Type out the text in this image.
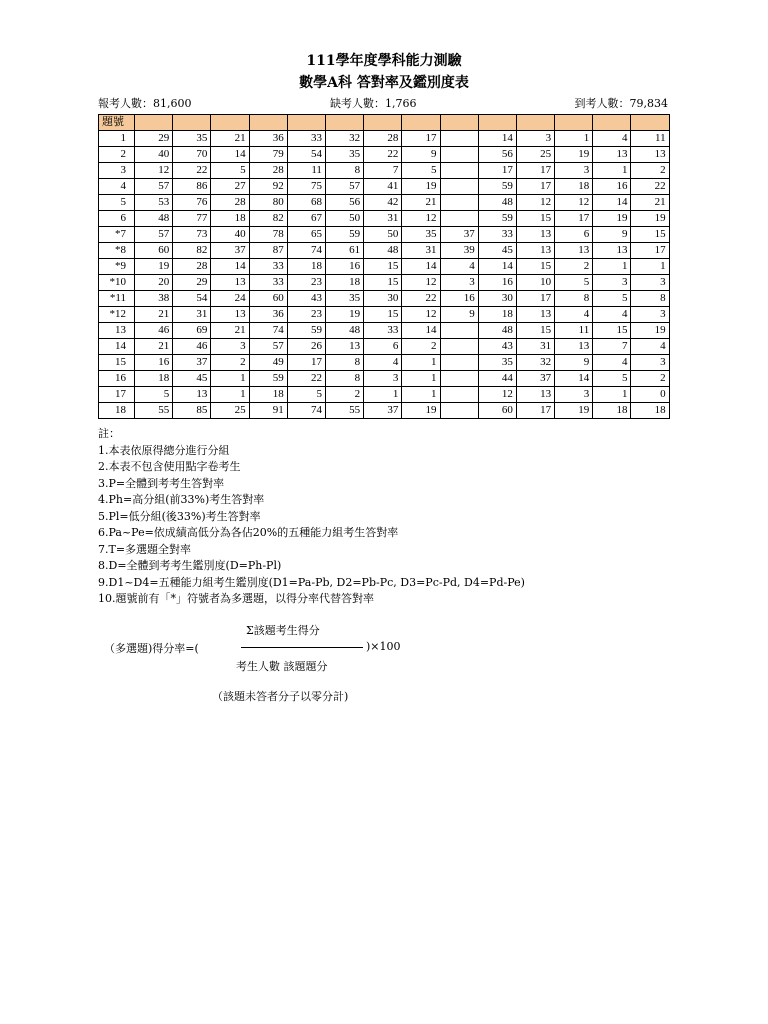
111學年度學科能力測驗
數學A科 答對率及鑑別度表
報考人數：81,600	缺考人數：1,766	到考人數：79,834
題號														
1	29	35	21	36	33	32	28	17		14	3	1	4	11
2	40	70	14	79	54	35	22	9		56	25	19	13	13
3	12	22	5	28	11	8	7	5		17	17	3	1	2
4	57	86	27	92	75	57	41	19		59	17	18	16	22
5	53	76	28	80	68	56	42	21		48	12	12	14	21
6	48	77	18	82	67	50	31	12		59	15	17	19	19
*7	57	73	40	78	65	59	50	35	37	33	13	6	9	15
*8	60	82	37	87	74	61	48	31	39	45	13	13	13	17
*9	19	28	14	33	18	16	15	14	4	14	15	2	1	1
*10	20	29	13	33	23	18	15	12	3	16	10	5	3	3
*11	38	54	24	60	43	35	30	22	16	30	17	8	5	8
*12	21	31	13	36	23	19	15	12	9	18	13	4	4	3
13	46	69	21	74	59	48	33	14		48	15	11	15	19
14	21	46	3	57	26	13	6	2		43	31	13	7	4
15	16	37	2	49	17	8	4	1		35	32	9	4	3
16	18	45	1	59	22	8	3	1		44	37	14	5	2
17	5	13	1	18	5	2	1	1		12	13	3	1	0
18	55	85	25	91	74	55	37	19		60	17	19	18	18
註：
1.本表依原得總分進行分組
2.本表不包含使用點字卷考生
3.P=全體到考考生答對率
4.Ph=高分組(前33%)考生答對率
5.Pl=低分組(後33%)考生答對率
6.Pa~Pe=依成績高低分為各佔20%的五種能力組考生答對率
7.T=多選題全對率
8.D=全體到考考生鑑別度(D=Ph-Pl)
9.D1~D4=五種能力組考生鑑別度(D1=Pa-Pb, D2=Pb-Pc, D3=Pc-Pd, D4=Pd-Pe)
10.題號前有「*」符號者為多選題，以得分率代替答對率
Σ該題考生得分
（多選題)得分率=(	)×100
考生人數 該題題分
（該題未答者分子以零分計)
